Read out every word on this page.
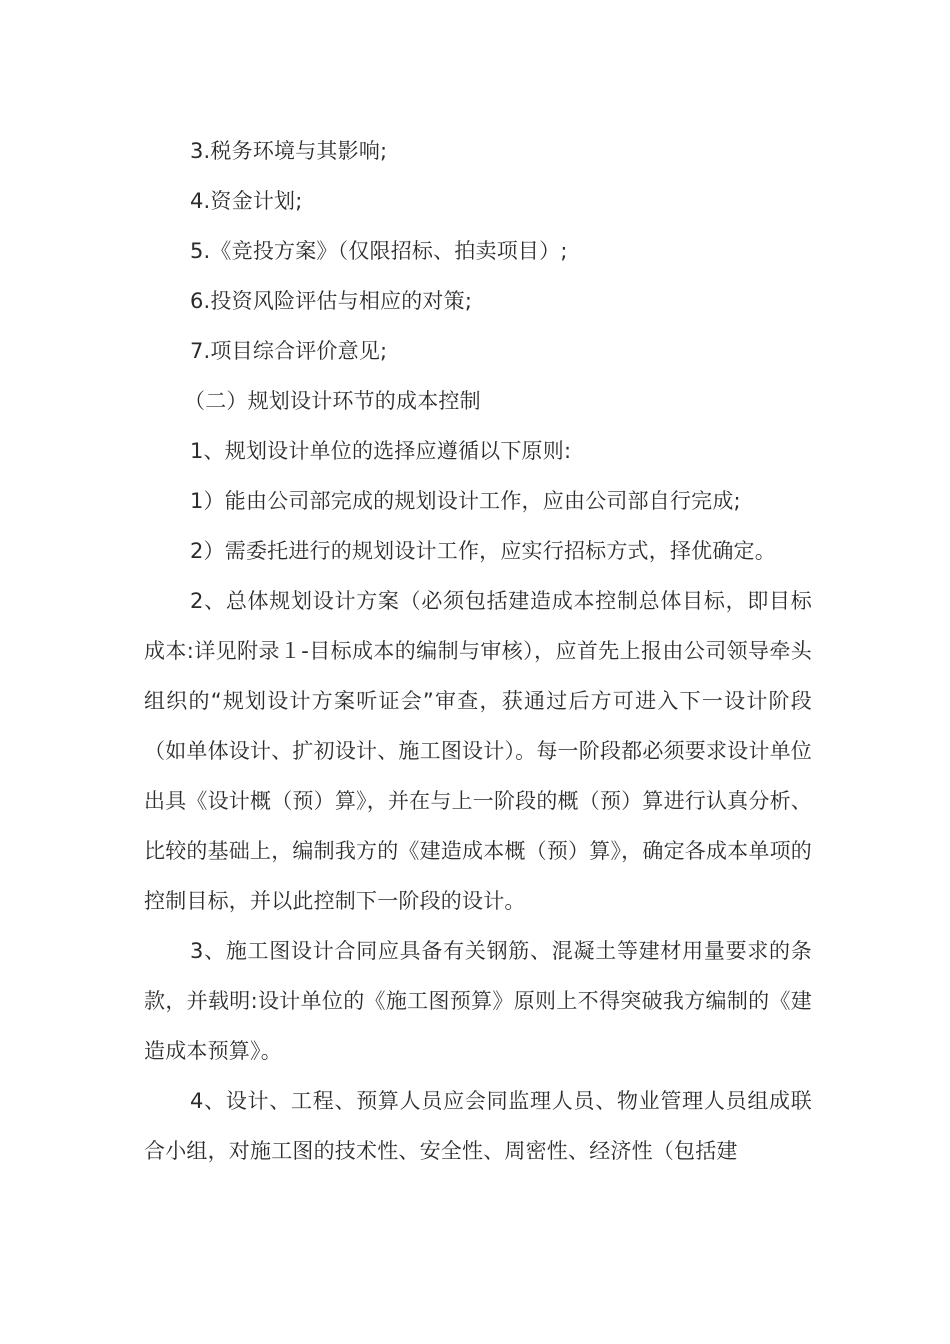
3.税务环境与其影响;

4.资金计划;

5.《竞投方案》（仅限招标、拍卖项目）;

6.投资风险评估与相应的对策;

7.项目综合评价意见;

（二）规划设计环节的成本控制

1、规划设计单位的选择应遵循以下原则:

1）能由公司部完成的规划设计工作，应由公司部自行完成;

2）需委托进行的规划设计工作，应实行招标方式，择优确定。

2、总体规划设计方案（必须包括建造成本控制总体目标，即目标成本:详见附录１-目标成本的编制与审核），应首先上报由公司领导牵头组织的“规划设计方案听证会”审查，获通过后方可进入下一设计阶段（如单体设计、扩初设计、施工图设计）。每一阶段都必须要求设计单位出具《设计概（预）算》，并在与上一阶段的概（预）算进行认真分析、比较的基础上，编制我方的《建造成本概（预）算》，确定各成本单项的控制目标，并以此控制下一阶段的设计。

3、施工图设计合同应具备有关钢筋、混凝土等建材用量要求的条款，并载明:设计单位的《施工图预算》原则上不得突破我方编制的《建造成本预算》。

4、设计、工程、预算人员应会同监理人员、物业管理人员组成联合小组，对施工图的技术性、安全性、周密性、经济性（包括建
